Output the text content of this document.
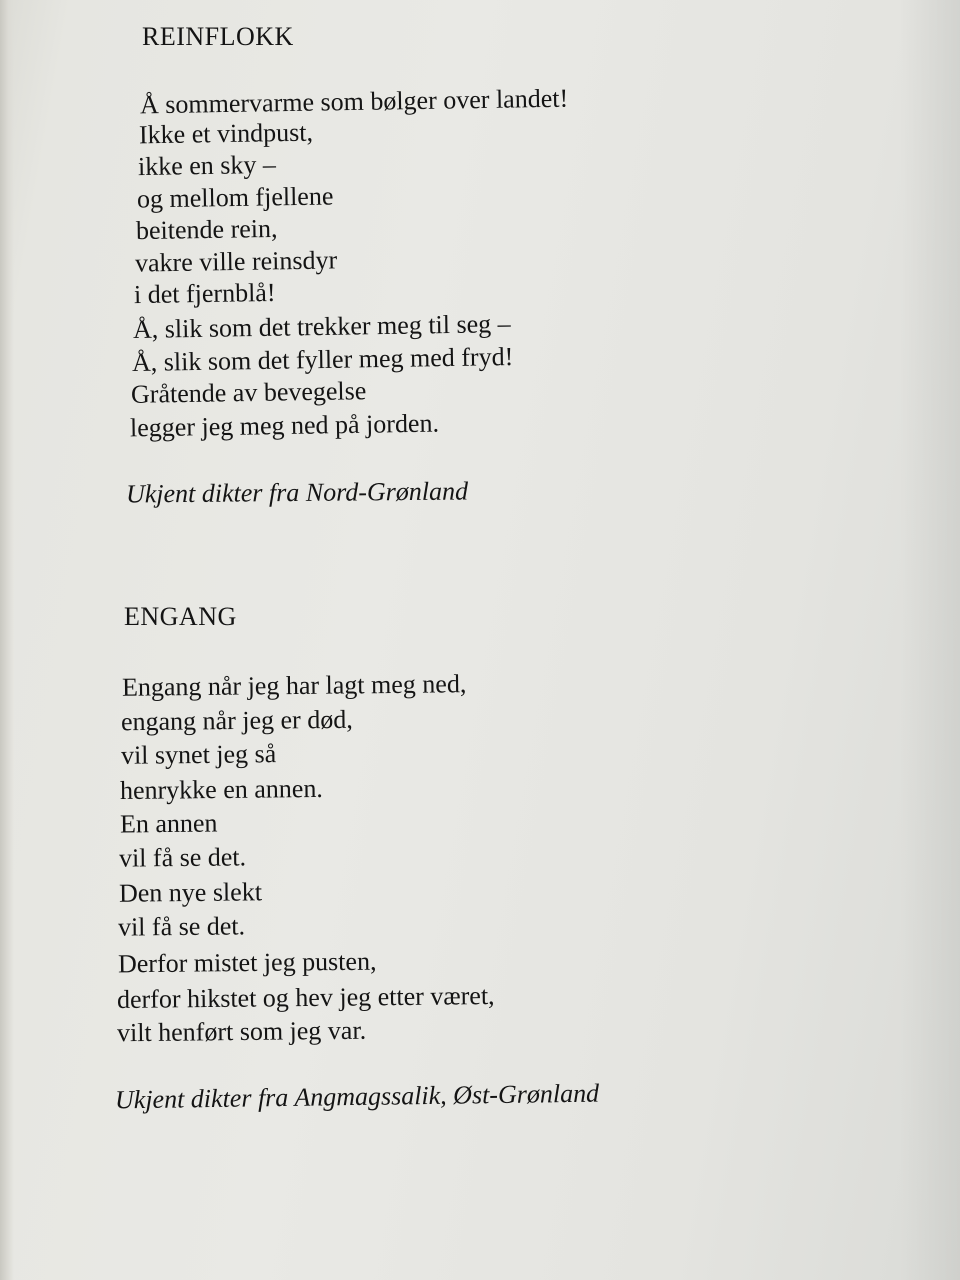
REINFLOKK
Å sommervarme som bølger over landet!
Ikke et vindpust,
ikke en sky –
og mellom fjellene
beitende rein,
vakre ville reinsdyr
i det fjernblå!
Å, slik som det trekker meg til seg –
Å, slik som det fyller meg med fryd!
Gråtende av bevegelse
legger jeg meg ned på jorden.
Ukjent dikter fra Nord-Grønland
ENGANG
Engang når jeg har lagt meg ned,
engang når jeg er død,
vil synet jeg så
henrykke en annen.
En annen
vil få se det.
Den nye slekt
vil få se det.
Derfor mistet jeg pusten,
derfor hikstet og hev jeg etter været,
vilt henført som jeg var.
Ukjent dikter fra Angmagssalik, Øst-Grønland
